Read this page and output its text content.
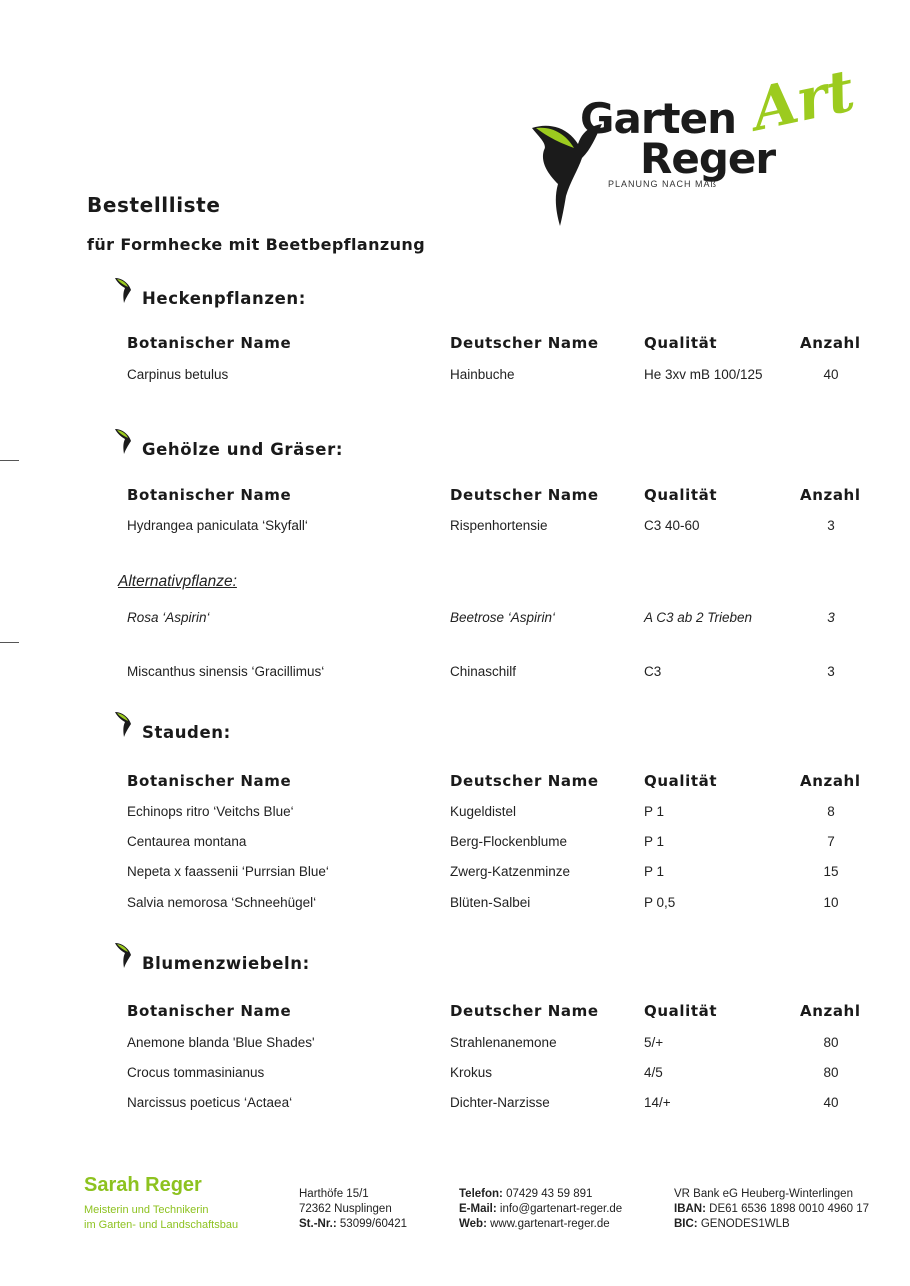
Garten
Reger
Art
PLANUNG NACH MAß
Bestellliste
für Formhecke mit Beetbepflanzung
Heckenpflanzen:
Botanischer Name	Deutscher Name	Qualität	Anzahl
Carpinus betulus	Hainbuche	He 3xv mB 100/125	40
Gehölze und Gräser:
Botanischer Name	Deutscher Name	Qualität	Anzahl
Hydrangea paniculata ‘Skyfall‘	Rispenhortensie	C3 40-60	3
Alternativpflanze:
Rosa ‘Aspirin‘	Beetrose ‘Aspirin‘	A C3 ab 2 Trieben	3
Miscanthus sinensis ‘Gracillimus‘	Chinaschilf	C3	3
Stauden:
Botanischer Name	Deutscher Name	Qualität	Anzahl
Echinops ritro ‘Veitchs Blue‘	Kugeldistel	P 1	8
Centaurea montana	Berg-Flockenblume	P 1	7
Nepeta x faassenii ‘Purrsian Blue‘	Zwerg-Katzenminze	P 1	15
Salvia nemorosa ‘Schneehügel‘	Blüten-Salbei	P 0,5	10
Blumenzwiebeln:
Botanischer Name	Deutscher Name	Qualität	Anzahl
Anemone blanda 'Blue Shades'	Strahlenanemone	5/+	80
Crocus tommasinianus	Krokus	4/5	80
Narcissus poeticus ‘Actaea‘	Dichter-Narzisse	14/+	40
Sarah Reger
Meisterin und Technikerin
im Garten- und Landschaftsbau
Harthöfe 15/1
72362 Nusplingen
St.-Nr.: 53099/60421
Telefon: 07429 43 59 891
E-Mail: info@gartenart-reger.de
Web: www.gartenart-reger.de
VR Bank eG Heuberg-Winterlingen
IBAN: DE61 6536 1898 0010 4960 17
BIC: GENODES1WLB
